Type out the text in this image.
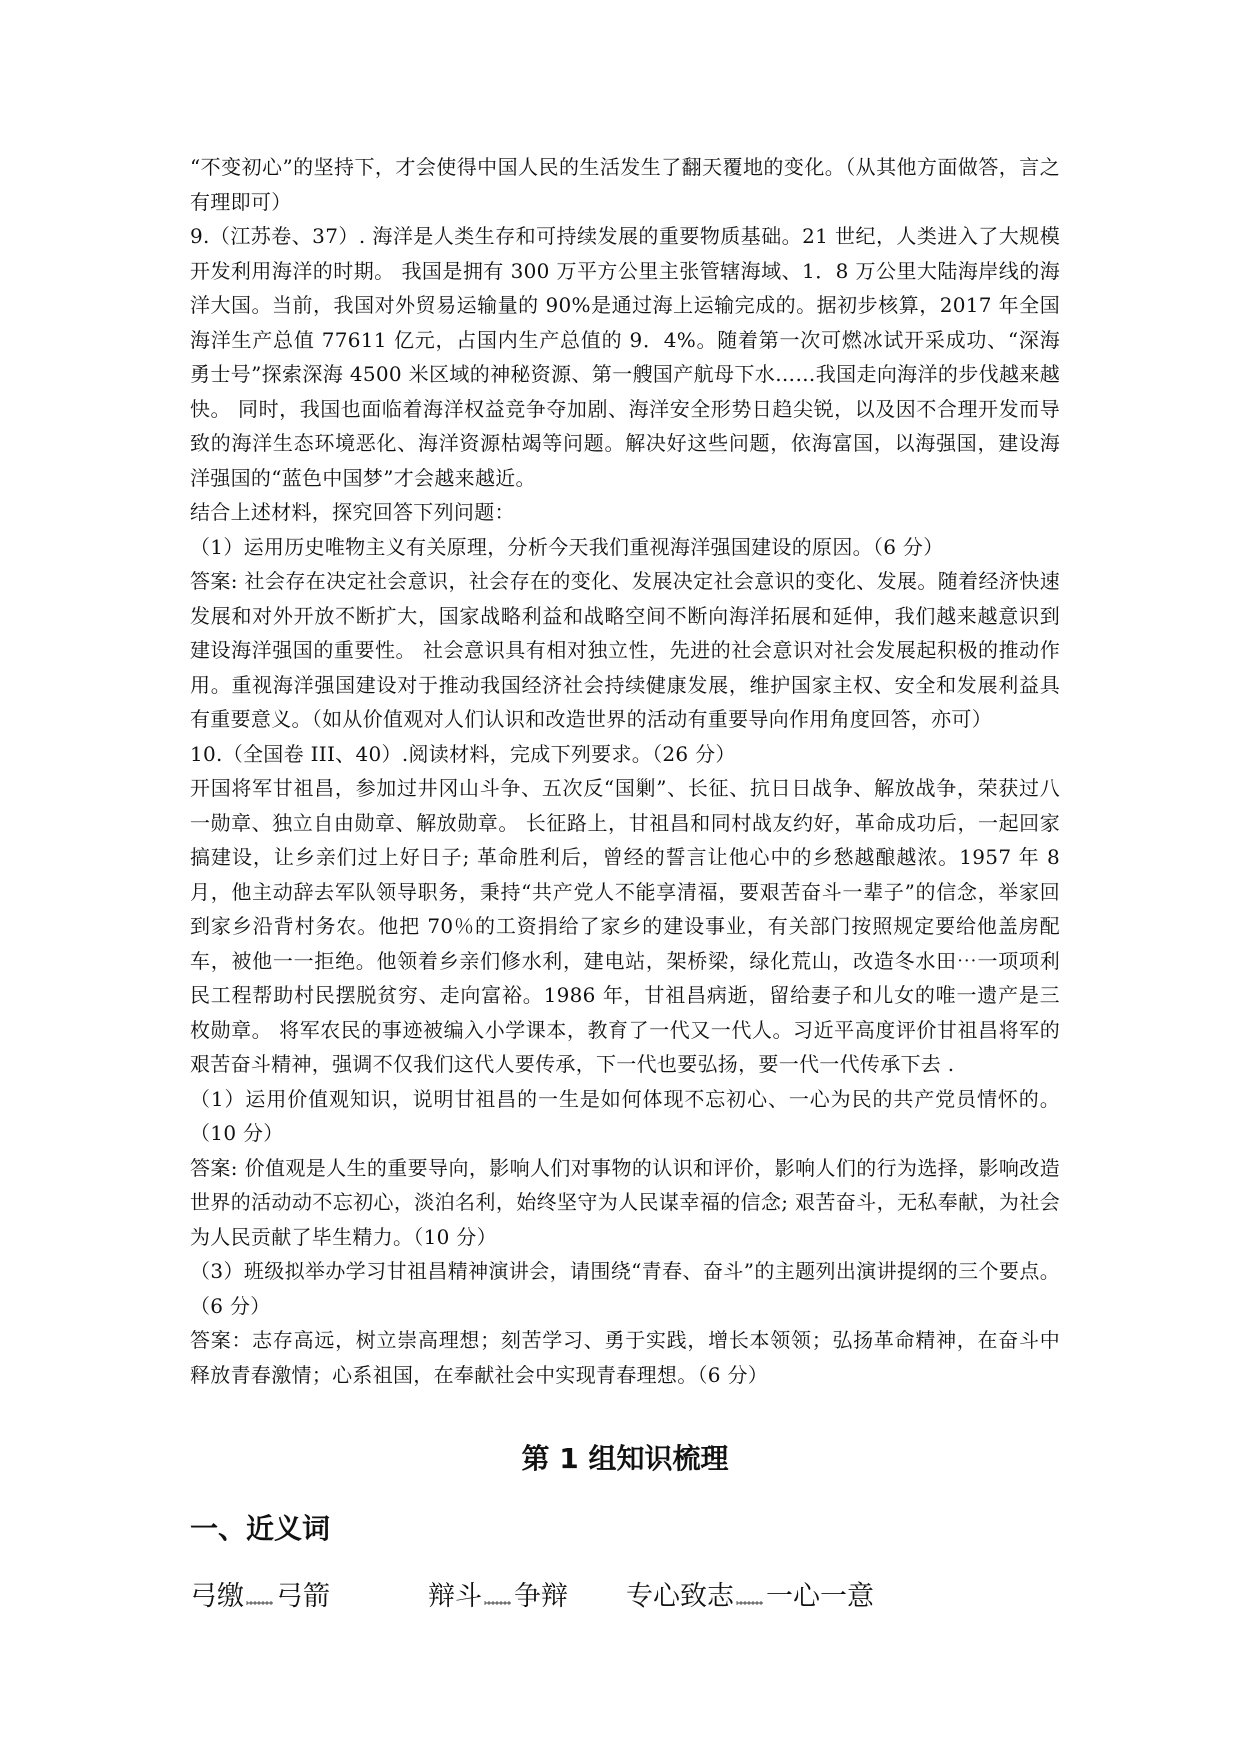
“不变初心”的坚持下，才会使得中国人民的生活发生了翻天覆地的变化。（从其他方面做答，言之有理即可）

9.（江苏卷、37）. 海洋是人类生存和可持续发展的重要物质基础。21 世纪，人类进入了大规模开发利用海洋的时期。 我国是拥有 300 万平方公里主张管辖海域、1．8 万公里大陆海岸线的海洋大国。当前，我国对外贸易运输量的 90%是通过海上运输完成的。据初步核算，2017 年全国海洋生产总值 77611 亿元，占国内生产总值的 9．4%。随着第一次可燃冰试开采成功、“深海勇士号”探索深海 4500 米区域的神秘资源、第一艘国产航母下水……我国走向海洋的步伐越来越快。 同时，我国也面临着海洋权益竞争夺加剧、海洋安全形势日趋尖锐，以及因不合理开发而导致的海洋生态环境恶化、海洋资源枯竭等问题。解决好这些问题，依海富国，以海强国，建设海洋强国的“蓝色中国梦”才会越来越近。

结合上述材料，探究回答下列问题：

（1）运用历史唯物主义有关原理，分析今天我们重视海洋强国建设的原因。（6 分）

答案: 社会存在决定社会意识，社会存在的变化、发展决定社会意识的变化、发展。随着经济快速发展和对外开放不断扩大，国家战略利益和战略空间不断向海洋拓展和延伸，我们越来越意识到建设海洋强国的重要性。 社会意识具有相对独立性，先进的社会意识对社会发展起积极的推动作用。重视海洋强国建设对于推动我国经济社会持续健康发展，维护国家主权、安全和发展利益具有重要意义。（如从价值观对人们认识和改造世界的活动有重要导向作用角度回答，亦可）

10.（全国卷 III、40）.阅读材料，完成下列要求。（26 分）

开国将军甘祖昌，参加过井冈山斗争、五次反“国剿”、长征、抗日日战争、解放战争，荣获过八一勋章、独立自由勋章、解放勋章。 长征路上，甘祖昌和同村战友约好，革命成功后，一起回家搞建设，让乡亲们过上好日子; 革命胜利后，曾经的誓言让他心中的乡愁越酿越浓。1957 年 8 月，他主动辞去军队领导职务，秉持“共产党人不能享清福，要艰苦奋斗一辈子”的信念，举家回到家乡沿背村务农。他把 70％的工资捐给了家乡的建设事业，有关部门按照规定要给他盖房配车，被他一一拒绝。他领着乡亲们修水利，建电站，架桥梁，绿化荒山，改造冬水田⋯一项项利民工程帮助村民摆脱贫穷、走向富裕。1986 年，甘祖昌病逝，留给妻子和儿女的唯一遗产是三枚勋章。 将军农民的事迹被编入小学课本，教育了一代又一代人。习近平高度评价甘祖昌将军的艰苦奋斗精神，强调不仅我们这代人要传承，下一代也要弘扬，要一代一代传承下去 .

（1）运用价值观知识，说明甘祖昌的一生是如何体现不忘初心、一心为民的共产党员情怀的。（10 分）

答案: 价值观是人生的重要导向，影响人们对事物的认识和评价，影响人们的行为选择，影响改造世界的活动动不忘初心，淡泊名利，始终坚守为人民谋幸福的信念; 艰苦奋斗，无私奉献，为社会为人民贡献了毕生精力。（10 分）

（3）班级拟举办学习甘祖昌精神演讲会，请围绕“青春、奋斗”的主题列出演讲提纲的三个要点。（6 分）

答案：志存高远，树立崇高理想；刻苦学习、勇于实践，增长本领领；弘扬革命精神，在奋斗中释放青春激情；心系祖国，在奉献社会中实现青春理想。（6 分）

第 1 组知识梳理
一、近义词
弓缴 弓箭	辩斗 争辩 专心致志 一心一意
